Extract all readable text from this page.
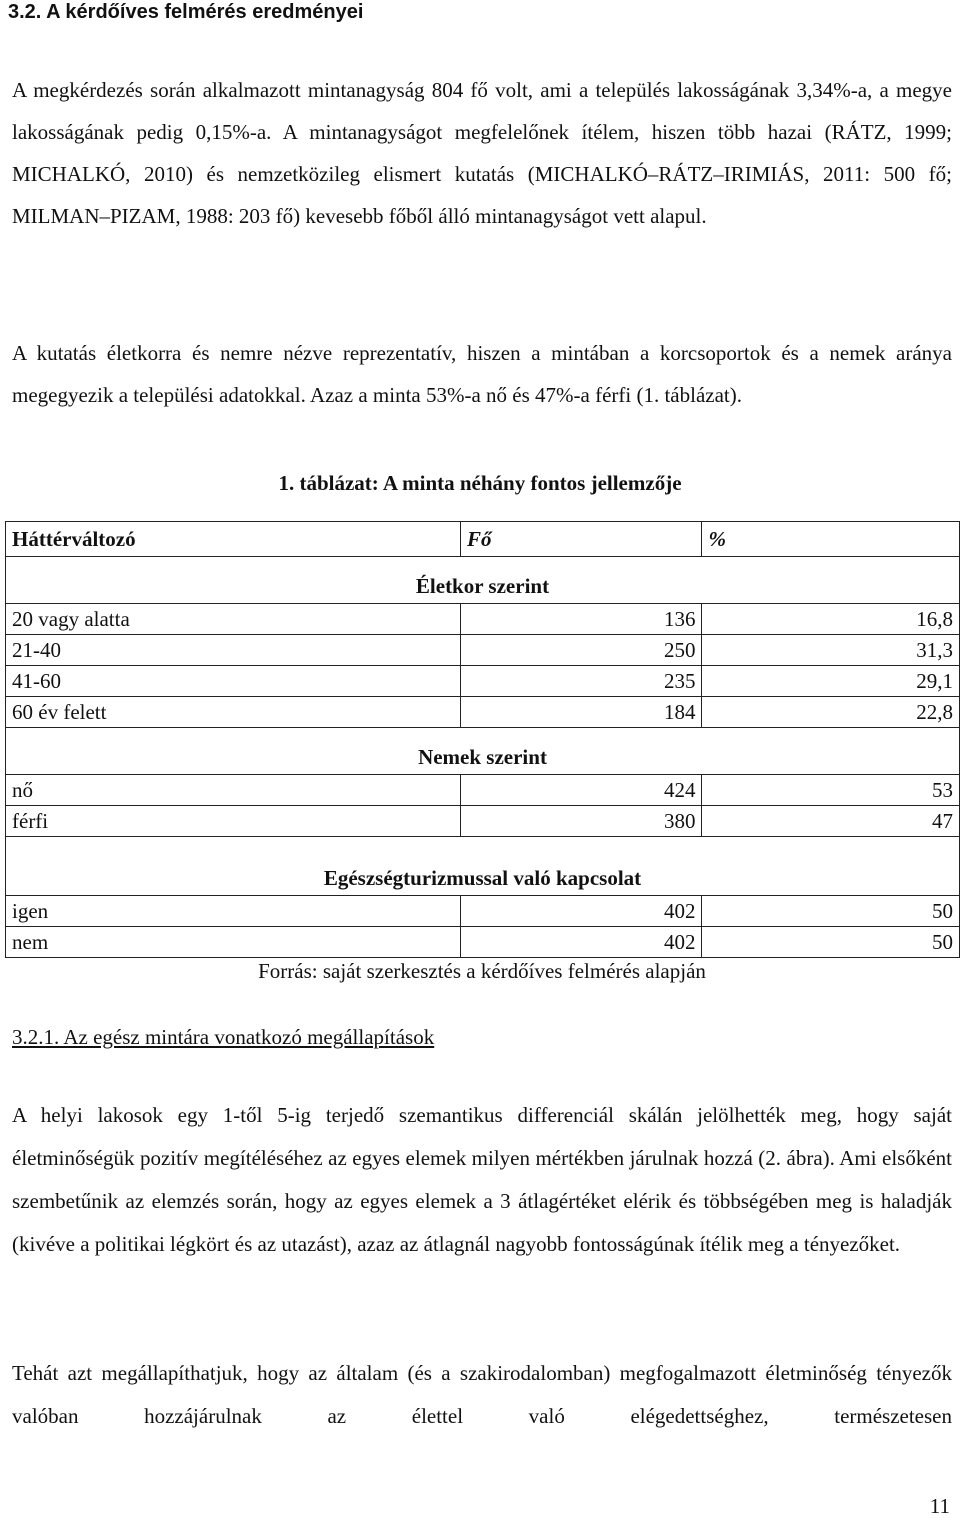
3.2. A kérdőíves felmérés eredményei
A megkérdezés során alkalmazott mintanagyság 804 fő volt, ami a település lakosságának 3,34%-a, a megye lakosságának pedig 0,15%-a. A mintanagyságot megfelelőnek ítélem, hiszen több hazai (RÁTZ, 1999; MICHALKÓ, 2010) és nemzetközileg elismert kutatás (MICHALKÓ–RÁTZ–IRIMIÁS, 2011: 500 fő; MILMAN–PIZAM, 1988: 203 fő) kevesebb főből álló mintanagyságot vett alapul.
A kutatás életkorra és nemre nézve reprezentatív, hiszen a mintában a korcsoportok és a nemek aránya megegyezik a települési adatokkal. Azaz a minta 53%-a nő és 47%-a férfi (1. táblázat).
1. táblázat: A minta néhány fontos jellemzője
Háttérváltozó	Fő	%
Életkor szerint		
20 vagy alatta	136	16,8
21-40	250	31,3
41-60	235	29,1
60 év felett	184	22,8
Nemek szerint		
nő	424	53
férfi	380	47
Egészségturizmussal való kapcsolat		
igen	402	50
nem	402	50
Forrás: saját szerkesztés a kérdőíves felmérés alapján
3.2.1. Az egész mintára vonatkozó megállapítások
A helyi lakosok egy 1-től 5-ig terjedő szemantikus differenciál skálán jelölhették meg, hogy saját életminőségük pozitív megítéléséhez az egyes elemek milyen mértékben járulnak hozzá (2. ábra). Ami elsőként szembetűnik az elemzés során, hogy az egyes elemek a 3 átlagértéket elérik és többségében meg is haladják (kivéve a politikai légkört és az utazást), azaz az átlagnál nagyobb fontosságúnak ítélik meg a tényezőket.
Tehát azt megállapíthatjuk, hogy az általam (és a szakirodalomban) megfogalmazott életminőség tényezők valóban hozzájárulnak az élettel való elégedettséghez, természetesen
11
